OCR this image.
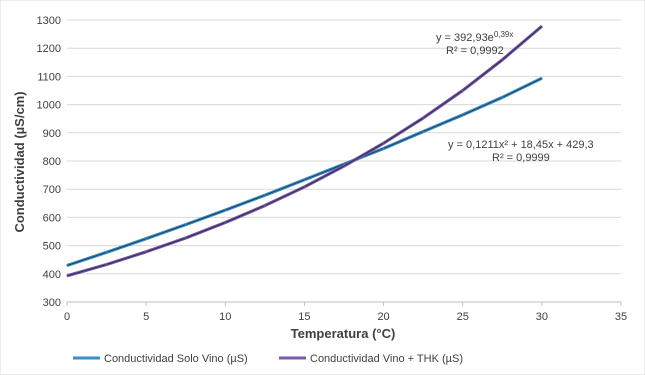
300
400
500
600
700
800
900
1000
1100
1200
1300
0	5	10	15	20	25	30	35
Temperatura (°C)
Conductividad (µS/cm)
$y = 392,93e^{0,39x}$
R² = 0,9992
y = 0,1211x² + 18,45x + 429,3
R² = 0,9999
Conductividad Solo Vino (µS)	Conductividad Vino + THK (µS)
